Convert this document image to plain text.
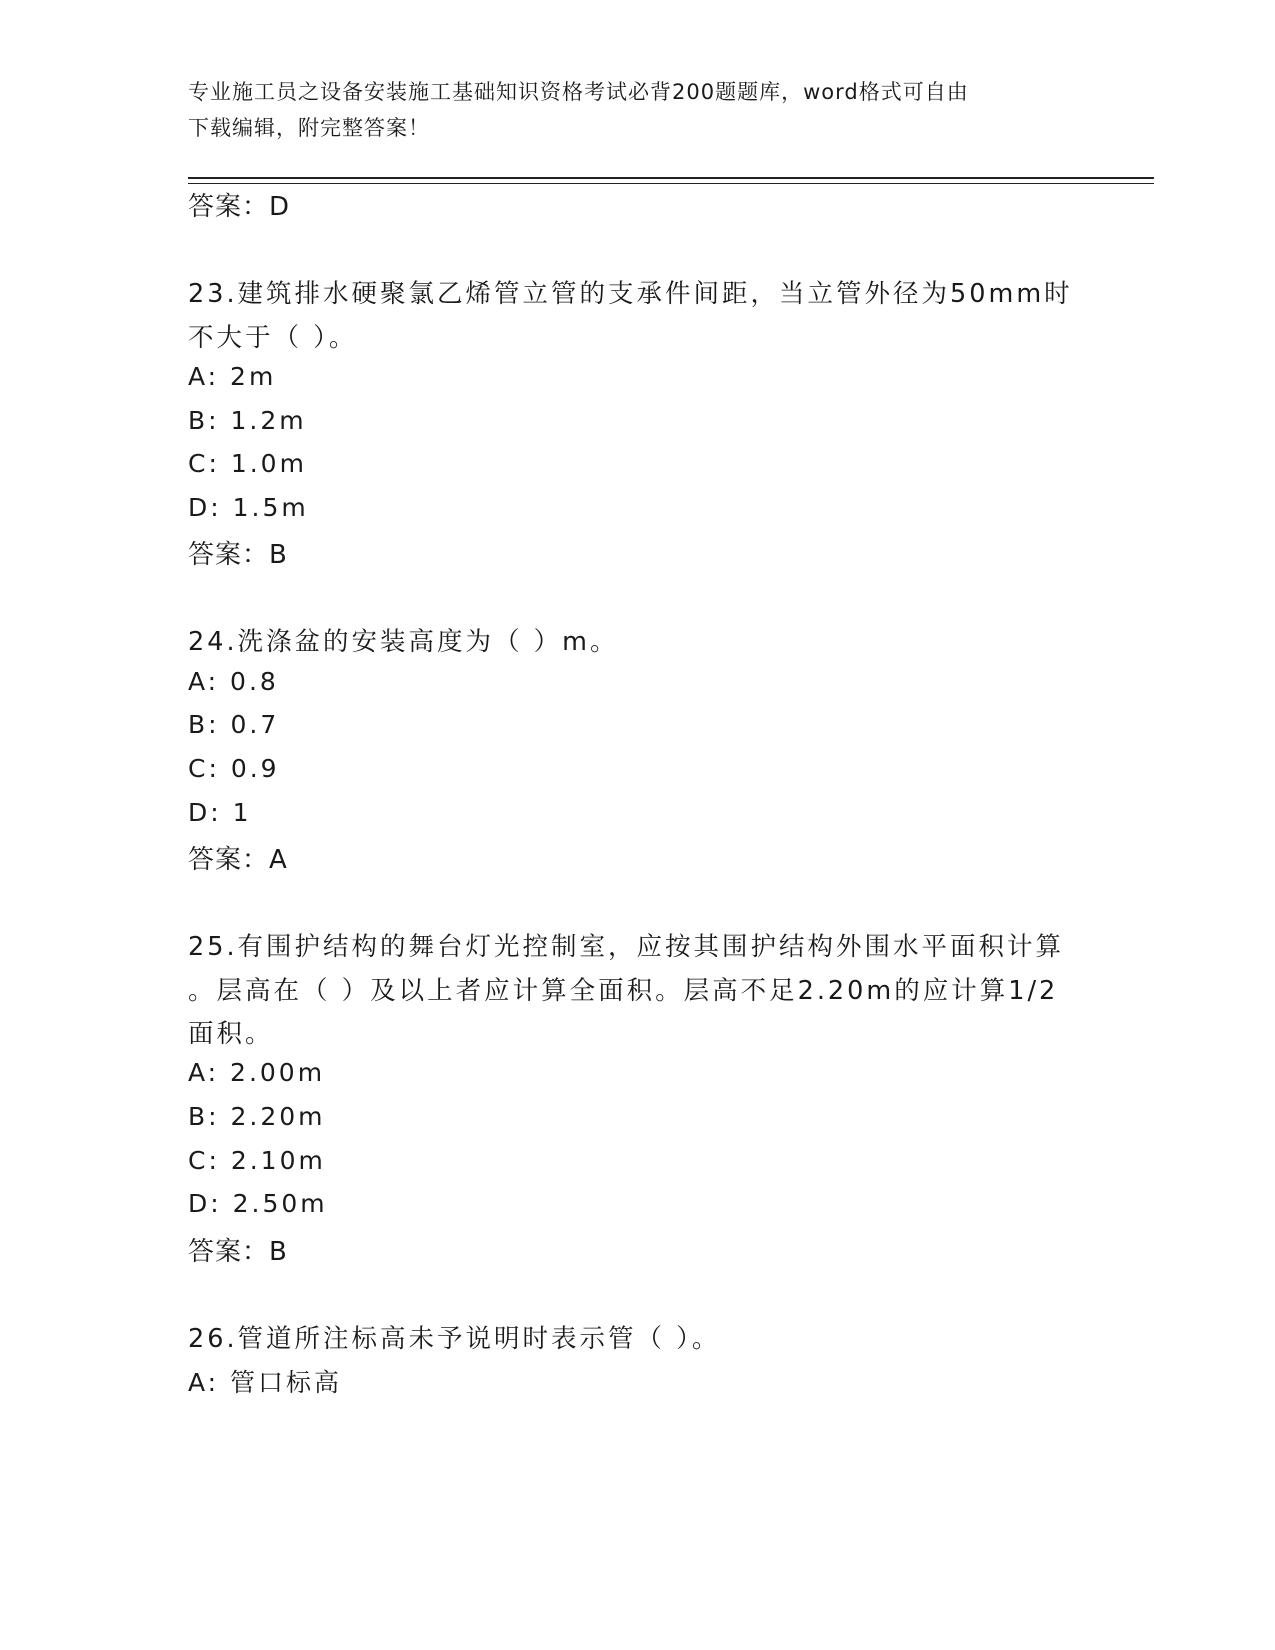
专业施工员之设备安装施工基础知识资格考试必背200题题库，word格式可自由
下载编辑，附完整答案！
答案：D
23.建筑排水硬聚氯乙烯管立管的支承件间距，当立管外径为50mm时
不大于（ ）。
A: 2m
B: 1.2m
C: 1.0m
D: 1.5m
答案：B
24.洗涤盆的安装高度为（ ）m。
A: 0.8
B: 0.7
C: 0.9
D: 1
答案：A
25.有围护结构的舞台灯光控制室，应按其围护结构外围水平面积计算
。层高在（ ）及以上者应计算全面积。层高不足2.20m的应计算1/2
面积。
A: 2.00m
B: 2.20m
C: 2.10m
D: 2.50m
答案：B
26.管道所注标高未予说明时表示管（ ）。
A: 管口标高
